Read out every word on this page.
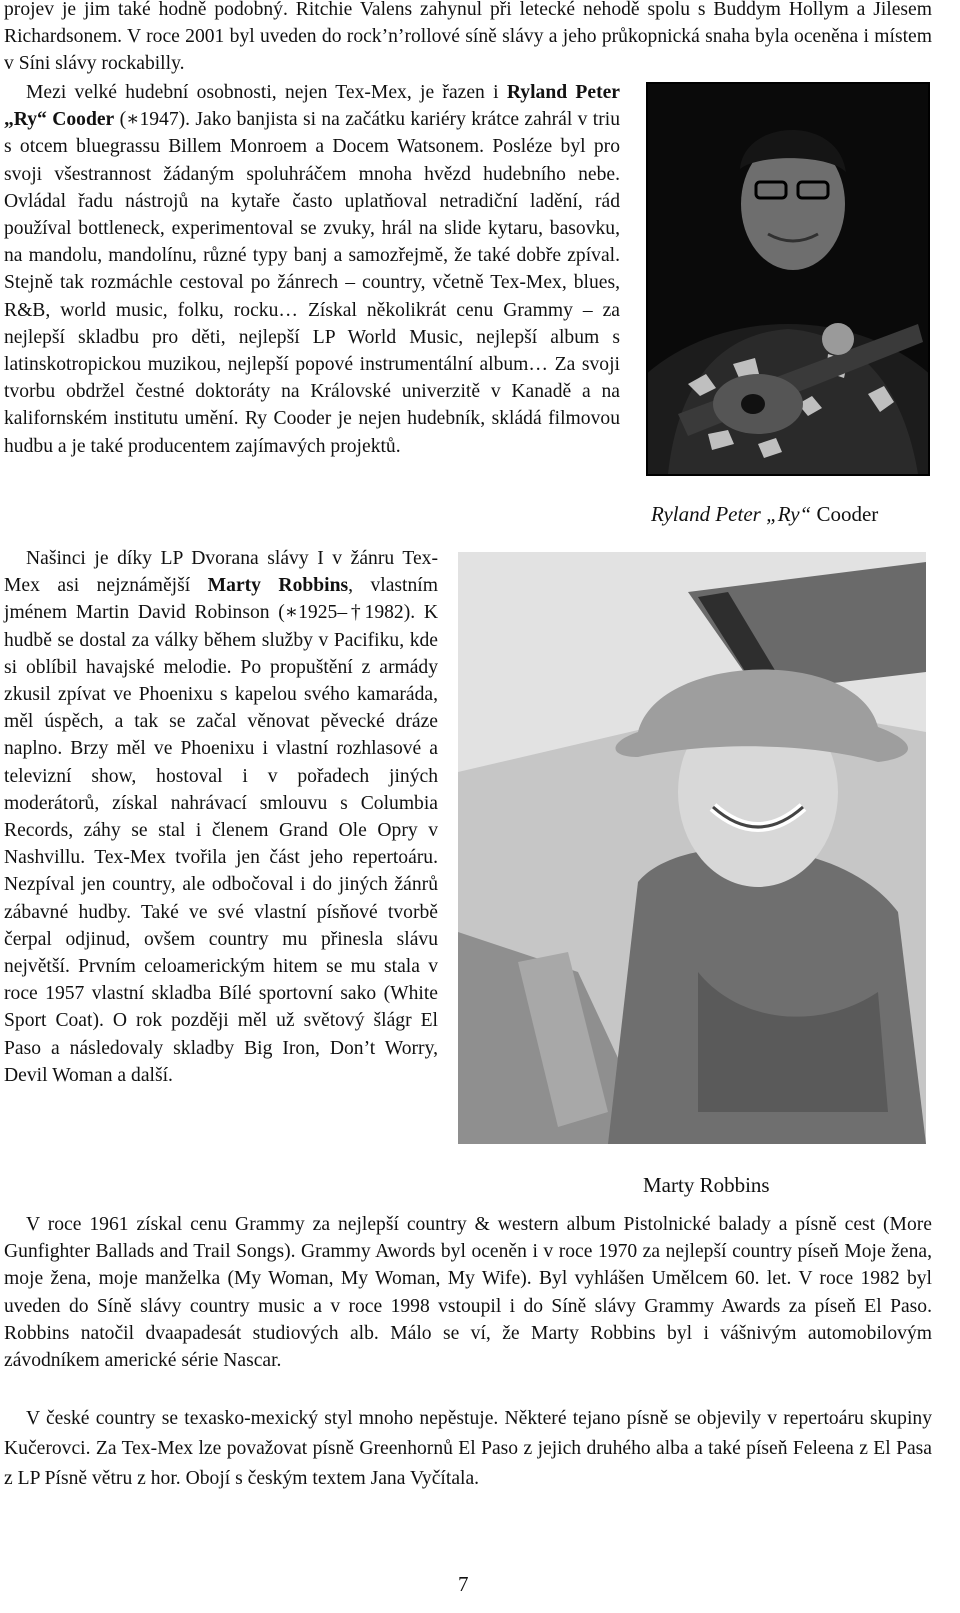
projev je jim také hodně podobný. Ritchie Valens zahynul při letecké nehodě spolu s Buddym Hollym a Jilesem Richardsonem. V roce 2001 byl uveden do rock’n’rollové síně slávy a jeho průkopnická snaha byla oceněna i místem v Síni slávy rockabilly.

Mezi velké hudební osobnosti, nejen Tex-Mex, je řazen i Ryland Peter „Ry“ Cooder (∗1947). Jako banjista si na začátku kariéry krátce zahrál v triu s otcem bluegrassu Billem Monroem a Docem Watsonem. Posléze byl pro svoji všestrannost žádaným spoluhráčem mnoha hvězd hudebního nebe. Ovládal řadu nástrojů na kytaře často uplatňoval netradiční ladění, rád používal bottleneck, experimentoval se zvuky, hrál na slide kytaru, basovku, na mandolu, mandolínu, různé typy banj a samozřejmě, že také dobře zpíval. Stejně tak rozmáchle cestoval po žánrech – country, včetně Tex-Mex, blues, R&B, world music, folku, rocku… Získal několikrát cenu Grammy – za nejlepší skladbu pro děti, nejlepší LP World Music, nejlepší album s latinskotropickou muzikou, nejlepší popové instrumentální album… Za svoji tvorbu obdržel čestné doktoráty na Královské univerzitě v Kanadě a na kalifornském institutu umění. Ry Cooder je nejen hudebník, skládá filmovou hudbu a je také producentem zajímavých projektů.

Ryland Peter „Ry“ Cooder

Našinci je díky LP Dvorana slávy I v žánru Tex-Mex asi nejznámější Marty Robbins, vlastním jménem Martin David Robinson (∗1925–†1982). K hudbě se dostal za války během služby v Pacifiku, kde si oblíbil havajské melodie. Po propuštění z armády zkusil zpívat ve Phoenixu s kapelou svého kamaráda, měl úspěch, a tak se začal věnovat pěvecké dráze naplno. Brzy měl ve Phoenixu i vlastní rozhlasové a televizní show, hostoval i v pořadech jiných moderátorů, získal nahrávací smlouvu s Columbia Records, záhy se stal i členem Grand Ole Opry v Nashvillu. Tex-Mex tvořila jen část jeho repertoáru. Nezpíval jen country, ale odbočoval i do jiných žánrů zábavné hudby. Také ve své vlastní písňové tvorbě čerpal odjinud, ovšem country mu přinesla slávu největší. Prvním celoamerickým hitem se mu stala v roce 1957 vlastní skladba Bílé sportovní sako (White Sport Coat). O rok později měl už světový šlágr El Paso a následovaly skladby Big Iron, Don’t Worry, Devil Woman a další.

Marty Robbins

V roce 1961 získal cenu Grammy za nejlepší country & western album Pistolnické balady a písně cest (More Gunfighter Ballads and Trail Songs). Grammy Awords byl oceněn i v roce 1970 za nejlepší country píseň Moje žena, moje žena, moje manželka (My Woman, My Woman, My Wife). Byl vyhlášen Umělcem 60. let. V roce 1982 byl uveden do Síně slávy country music a v roce 1998 vstoupil i do Síně slávy Grammy Awards za píseň El Paso. Robbins natočil dvaapadesát studiových alb. Málo se ví, že Marty Robbins byl i vášnivým automobilovým závodníkem americké série Nascar.

V české country se texasko-mexický styl mnoho nepěstuje. Některé tejano písně se objevily v repertoáru skupiny Kučerovci. Za Tex-Mex lze považovat písně Greenhornů El Paso z jejich druhého alba a také píseň Feleena z El Pasa z LP Písně větru z hor. Obojí s českým textem Jana Vyčítala.

7
